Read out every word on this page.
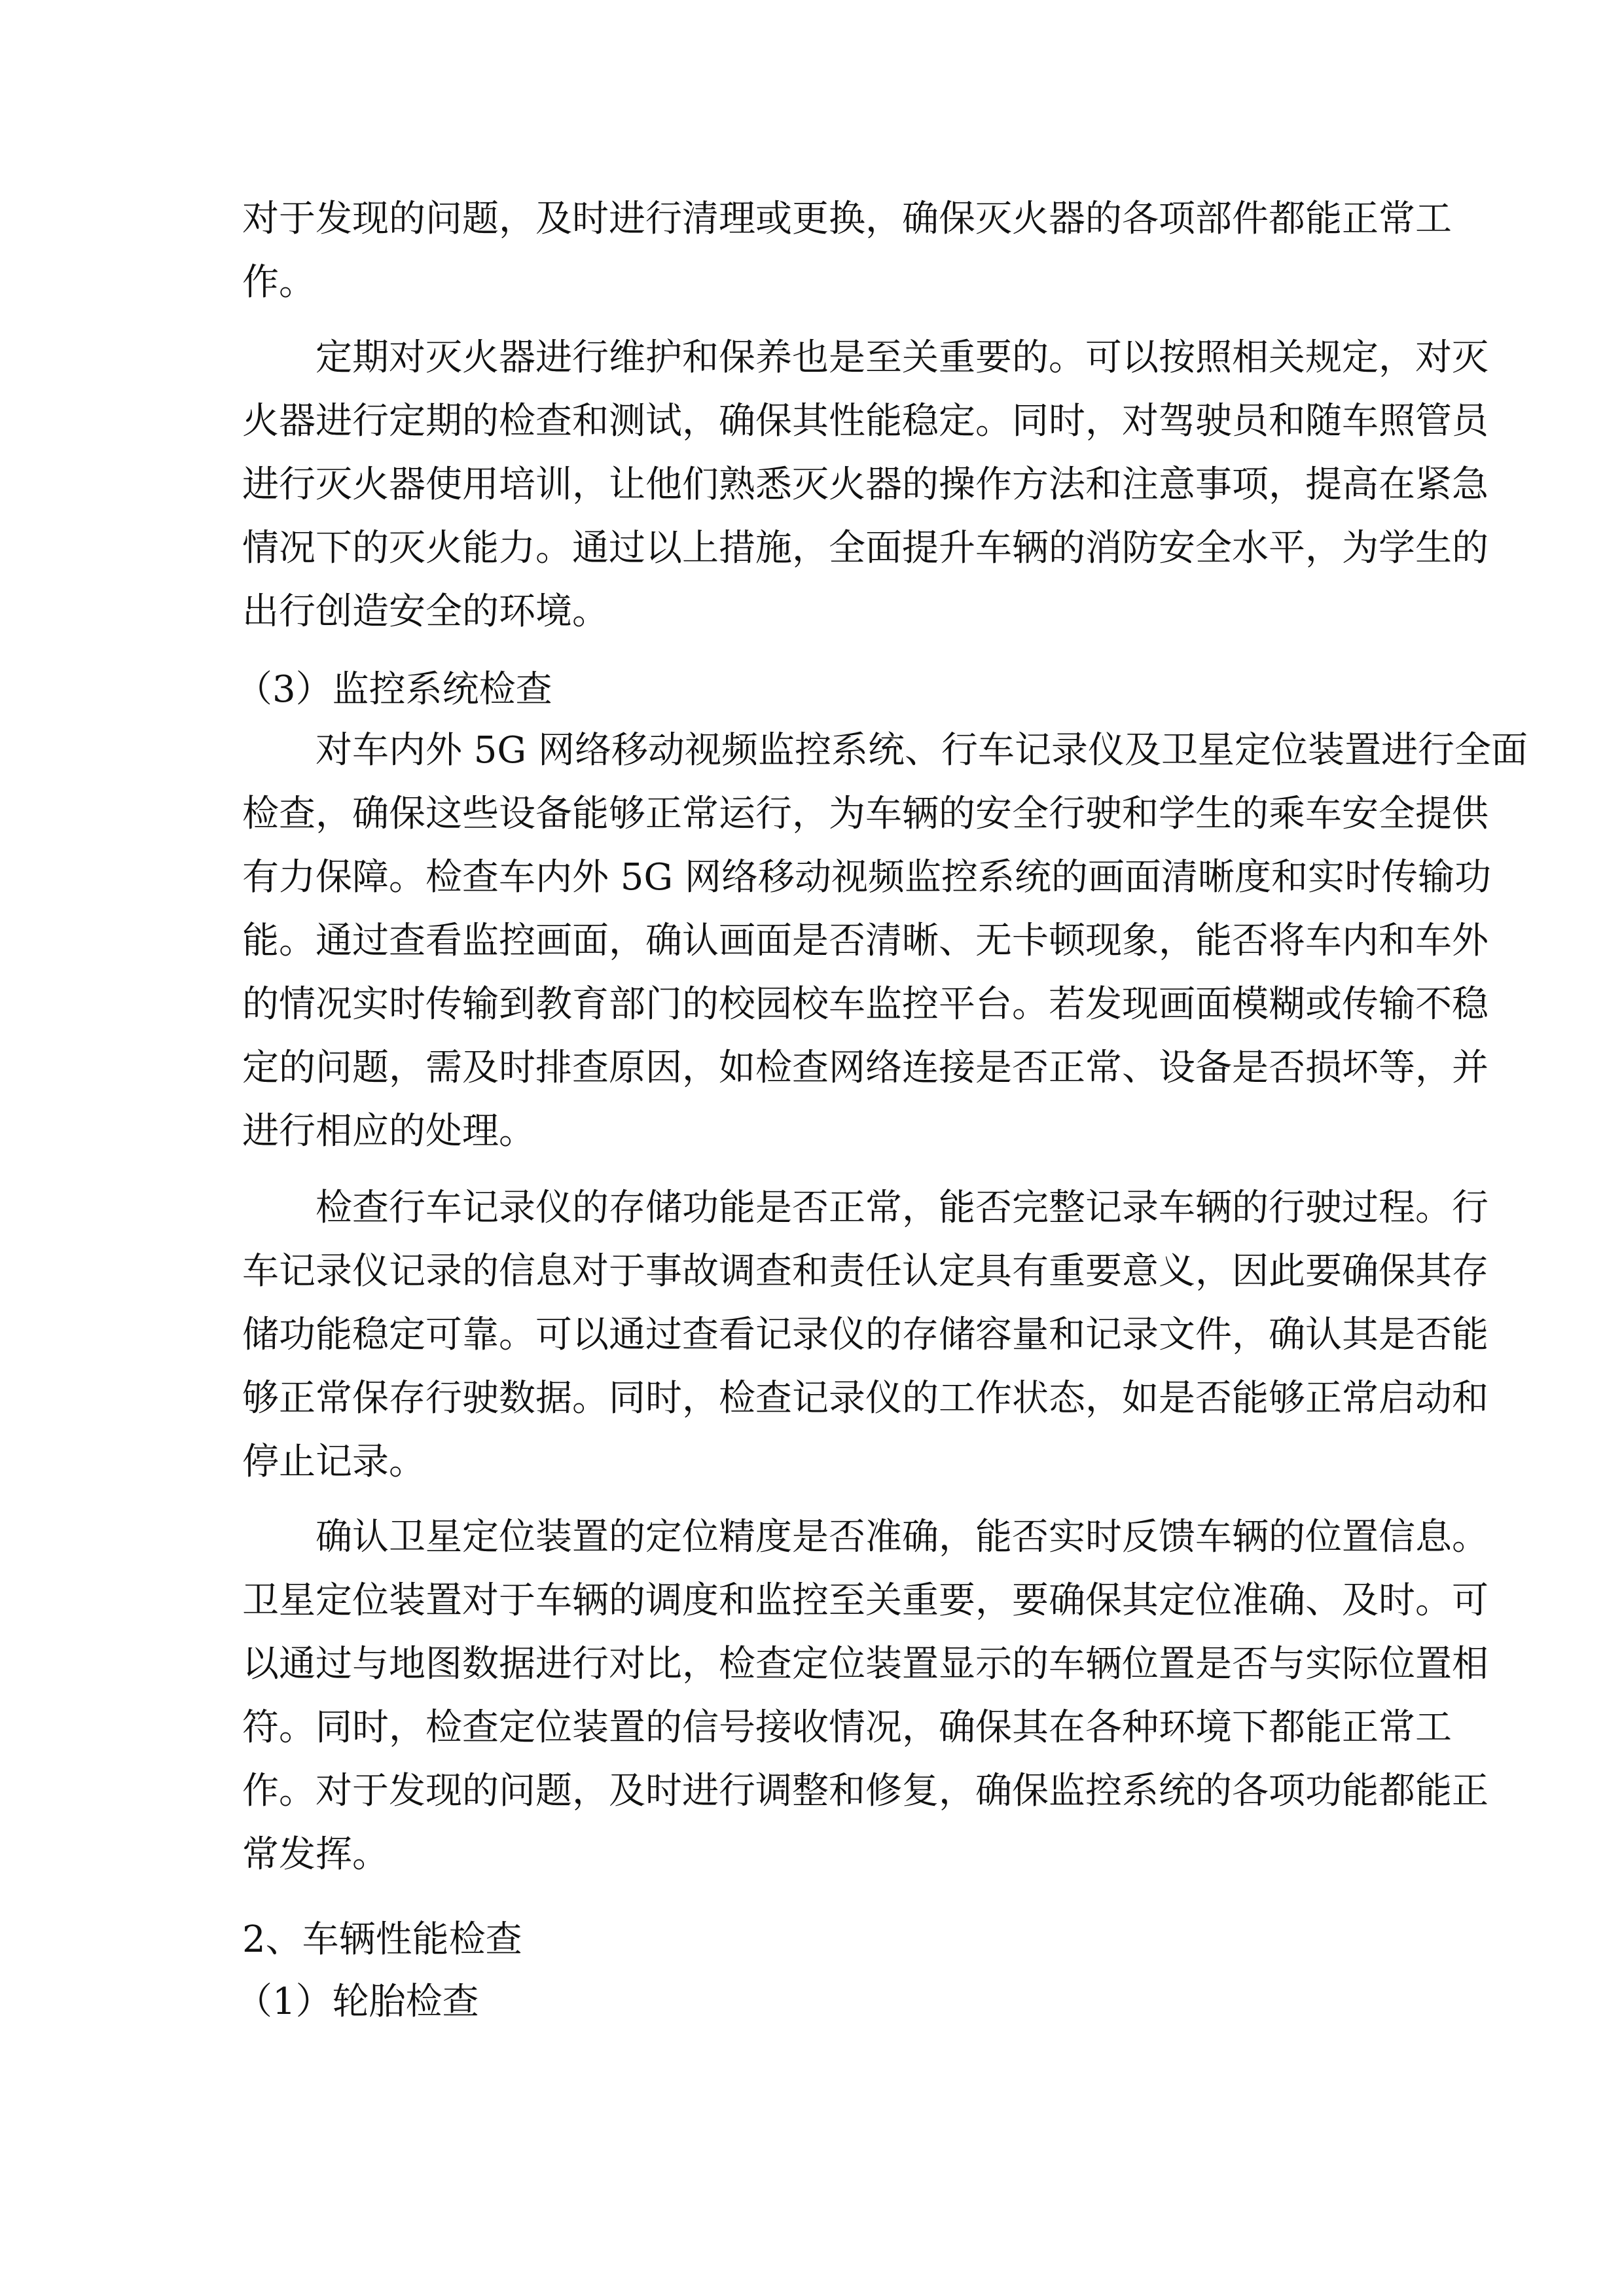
对于发现的问题，及时进行清理或更换，确保灭火器的各项部件都能正常工
作。
定期对灭火器进行维护和保养也是至关重要的。可以按照相关规定，对灭
火器进行定期的检查和测试，确保其性能稳定。同时，对驾驶员和随车照管员
进行灭火器使用培训，让他们熟悉灭火器的操作方法和注意事项，提高在紧急
情况下的灭火能力。通过以上措施，全面提升车辆的消防安全水平，为学生的
出行创造安全的环境。
（3）监控系统检查
对车内外 5G 网络移动视频监控系统、行车记录仪及卫星定位装置进行全面
检查，确保这些设备能够正常运行，为车辆的安全行驶和学生的乘车安全提供
有力保障。检查车内外 5G 网络移动视频监控系统的画面清晰度和实时传输功
能。通过查看监控画面，确认画面是否清晰、无卡顿现象，能否将车内和车外
的情况实时传输到教育部门的校园校车监控平台。若发现画面模糊或传输不稳
定的问题，需及时排查原因，如检查网络连接是否正常、设备是否损坏等，并
进行相应的处理。
检查行车记录仪的存储功能是否正常，能否完整记录车辆的行驶过程。行
车记录仪记录的信息对于事故调查和责任认定具有重要意义，因此要确保其存
储功能稳定可靠。可以通过查看记录仪的存储容量和记录文件，确认其是否能
够正常保存行驶数据。同时，检查记录仪的工作状态，如是否能够正常启动和
停止记录。
确认卫星定位装置的定位精度是否准确，能否实时反馈车辆的位置信息。
卫星定位装置对于车辆的调度和监控至关重要，要确保其定位准确、及时。可
以通过与地图数据进行对比，检查定位装置显示的车辆位置是否与实际位置相
符。同时，检查定位装置的信号接收情况，确保其在各种环境下都能正常工
作。对于发现的问题，及时进行调整和修复，确保监控系统的各项功能都能正
常发挥。
2、车辆性能检查
（1）轮胎检查
